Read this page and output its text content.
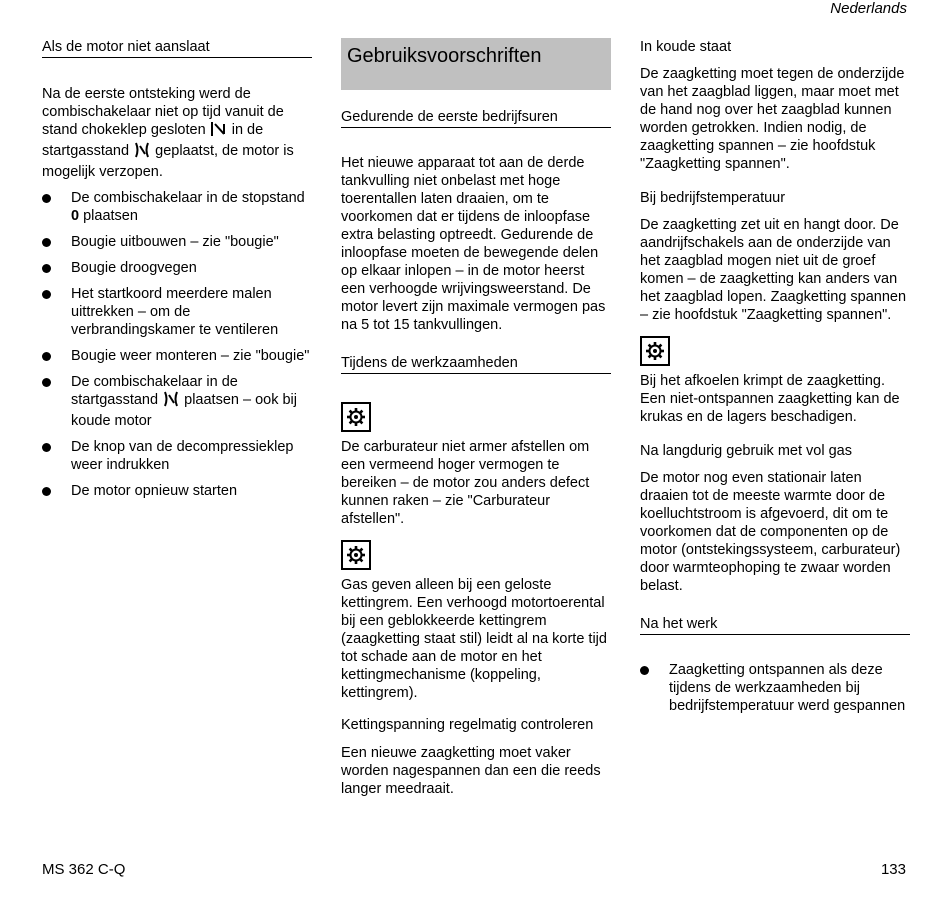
Nederlands
Als de motor niet aanslaat

Na de eerste ontsteking werd de combischakelaar niet op tijd vanuit de stand chokeklep gesloten in de startgasstand geplaatst, de motor is mogelijk verzopen.

De combischakelaar in de stopstand 0 plaatsen
Bougie uitbouwen – zie "bougie"
Bougie droogvegen
Het startkoord meerdere malen uittrekken – om de verbrandingskamer te ventileren
Bougie weer monteren – zie "bougie"
De combischakelaar in de startgasstand plaatsen – ook bij koude motor
De knop van de decompressieklep weer indrukken
De motor opnieuw starten
Gebruiksvoorschriften
Gedurende de eerste bedrijfsuren

Het nieuwe apparaat tot aan de derde tankvulling niet onbelast met hoge toerentallen laten draaien, om te voorkomen dat er tijdens de inloopfase extra belasting optreedt. Gedurende de inloopfase moeten de bewegende delen op elkaar inlopen – in de motor heerst een verhoogde wrijvingsweerstand. De motor levert zijn maximale vermogen pas na 5 tot 15 tankvullingen.

Tijdens de werkzaamheden

De carburateur niet armer afstellen om een vermeend hoger vermogen te bereiken – de motor zou anders defect kunnen raken – zie "Carburateur afstellen".

Gas geven alleen bij een geloste kettingrem. Een verhoogd motortoerental bij een geblokkeerde kettingrem (zaagketting staat stil) leidt al na korte tijd tot schade aan de motor en het kettingmechanisme (koppeling, kettingrem).

Kettingspanning regelmatig controleren

Een nieuwe zaagketting moet vaker worden nagespannen dan een die reeds langer meedraait.

In koude staat

De zaagketting moet tegen de onderzijde van het zaagblad liggen, maar moet met de hand nog over het zaagblad kunnen worden getrokken. Indien nodig, de zaagketting spannen – zie hoofdstuk "Zaagketting spannen".

Bij bedrijfstemperatuur

De zaagketting zet uit en hangt door. De aandrijfschakels aan de onderzijde van het zaagblad mogen niet uit de groef komen – de zaagketting kan anders van het zaagblad lopen. Zaagketting spannen – zie hoofdstuk "Zaagketting spannen".

Bij het afkoelen krimpt de zaagketting. Een niet-ontspannen zaagketting kan de krukas en de lagers beschadigen.

Na langdurig gebruik met vol gas

De motor nog even stationair laten draaien tot de meeste warmte door de koelluchtstroom is afgevoerd, dit om te voorkomen dat de componenten op de motor (ontstekingssysteem, carburateur) door warmteophoping te zwaar worden belast.

Na het werk
Zaagketting ontspannen als deze tijdens de werkzaamheden bij bedrijfstemperatuur werd gespannen
MS 362 C-Q	133
